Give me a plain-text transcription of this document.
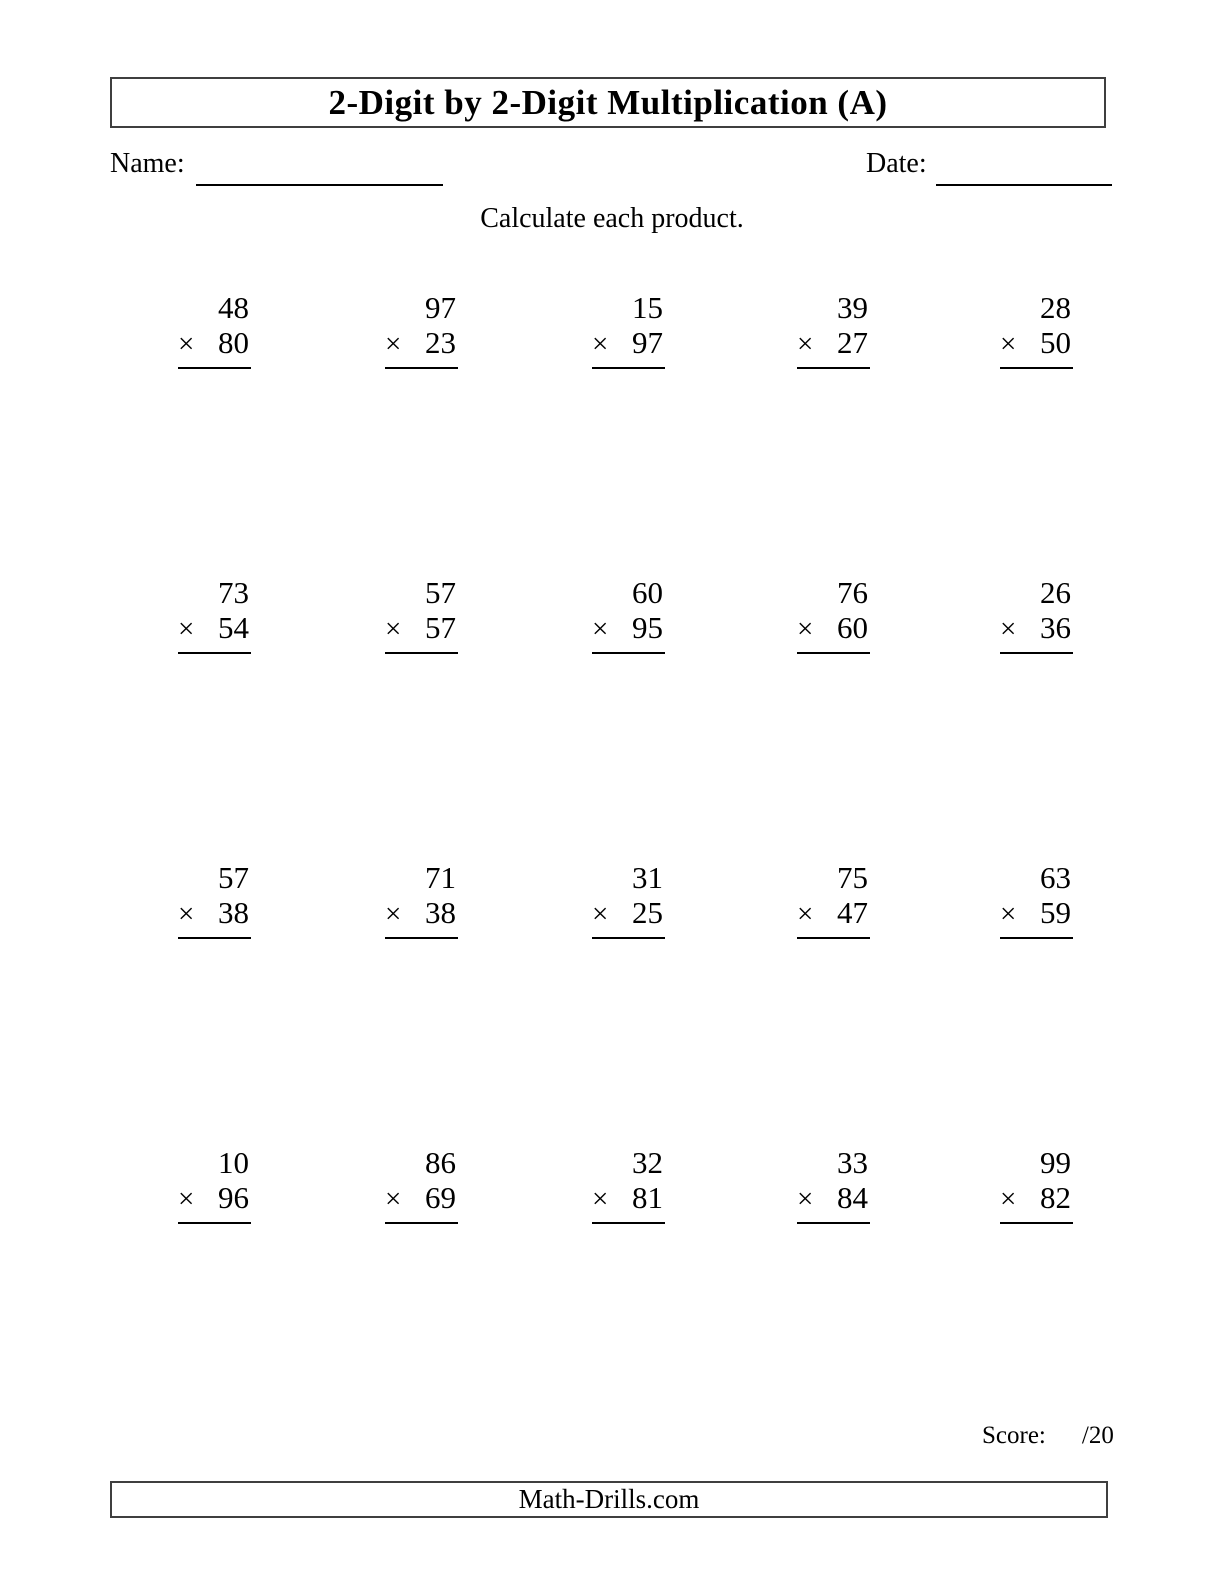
2-Digit by 2-Digit Multiplication (A)
Name:	Date:
Calculate each product.
48
× 80
97
× 23
15
× 97
39
× 27
28
× 50
73
× 54
57
× 57
60
× 95
76
× 60
26
× 36
57
× 38
71
× 38
31
× 25
75
× 47
63
× 59
10
× 96
86
× 69
32
× 81
33
× 84
99
× 82
Score: /20
Math-Drills.com
